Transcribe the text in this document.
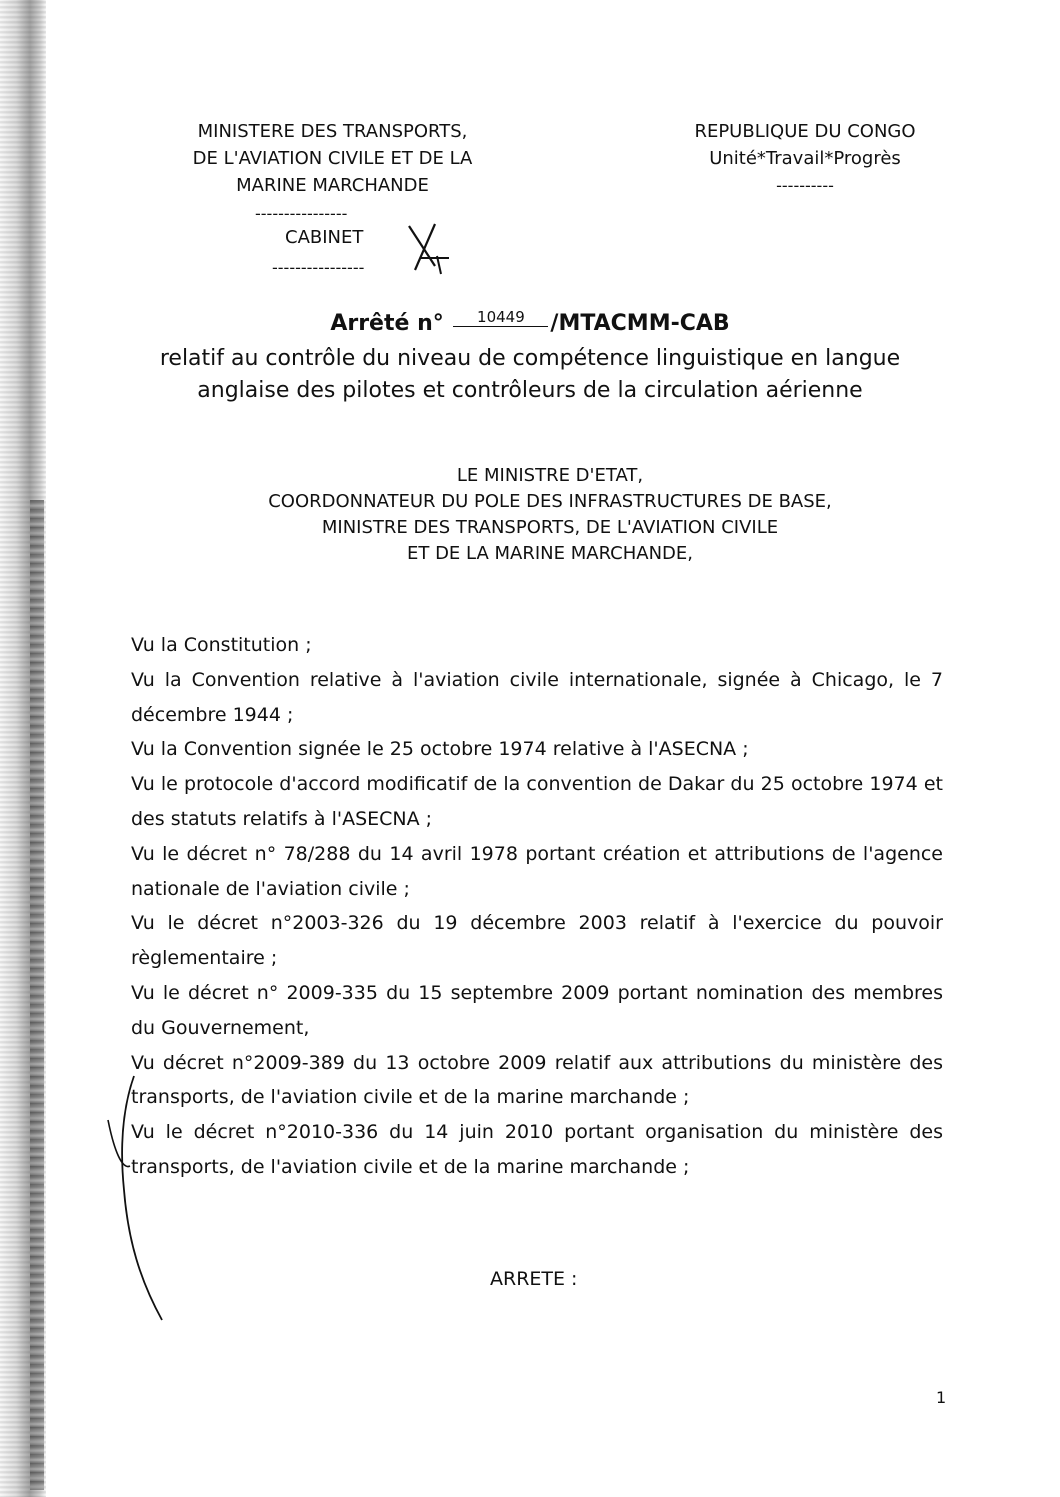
MINISTERE DES TRANSPORTS,
DE L'AVIATION CIVILE ET DE LA
MARINE MARCHANDE
----------------
CABINET
----------------
REPUBLIQUE DU CONGO
Unité*Travail*Progrès
----------
Arrêté n° 10449 /MTACMM-CAB
relatif au contrôle du niveau de compétence linguistique en langue
anglaise des pilotes et contrôleurs de la circulation aérienne
LE MINISTRE D'ETAT,
COORDONNATEUR DU POLE DES INFRASTRUCTURES DE BASE,
MINISTRE DES TRANSPORTS, DE L'AVIATION CIVILE
ET DE LA MARINE MARCHANDE,

Vu la Constitution ;

Vu la Convention relative à l'aviation civile internationale, signée à Chicago, le 7 décembre 1944 ;

Vu la Convention signée le 25 octobre 1974 relative à l'ASECNA ;

Vu le protocole d'accord modificatif de la convention de Dakar du 25 octobre 1974 et des statuts relatifs à l'ASECNA ;

Vu le décret n° 78/288 du 14 avril 1978 portant création et attributions de l'agence nationale de l'aviation civile ;

Vu le décret n°2003-326 du 19 décembre 2003 relatif à l'exercice du pouvoir règlementaire ;

Vu le décret n° 2009-335 du 15 septembre 2009 portant nomination des membres du Gouvernement,

Vu décret n°2009-389 du 13 octobre 2009 relatif aux attributions du ministère des transports, de l'aviation civile et de la marine marchande ;

Vu le décret n°2010-336 du 14 juin 2010 portant organisation du ministère des transports, de l'aviation civile et de la marine marchande ;

ARRETE :
1
